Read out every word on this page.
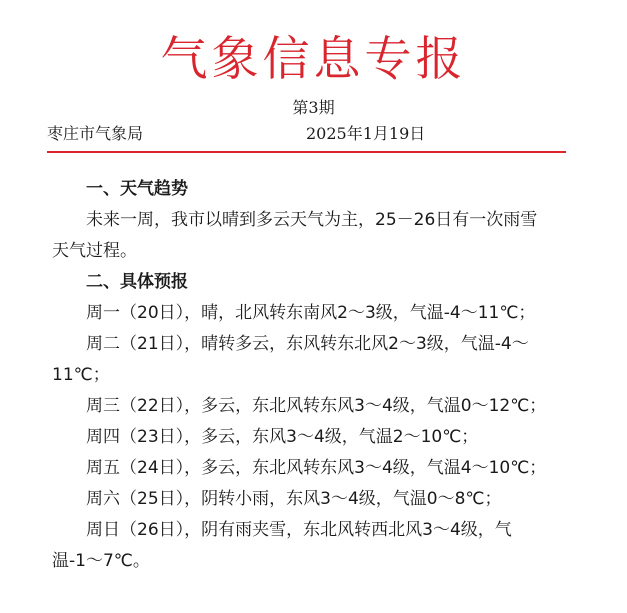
气象信息专报
第3期
枣庄市气象局	2025年1月19日
一、天气趋势
未来一周，我市以晴到多云天气为主，25－26日有一次雨雪
天气过程。
二、具体预报
周一（20日），晴，北风转东南风2～3级，气温-4～11℃；
周二（21日），晴转多云，东风转东北风2～3级，气温-4～
11℃；
周三（22日），多云，东北风转东风3～4级，气温0～12℃；
周四（23日），多云，东风3～4级，气温2～10℃；
周五（24日），多云，东北风转东风3～4级，气温4～10℃；
周六（25日），阴转小雨，东风3～4级，气温0～8℃；
周日（26日），阴有雨夹雪，东北风转西北风3～4级，气
温-1～7℃。
